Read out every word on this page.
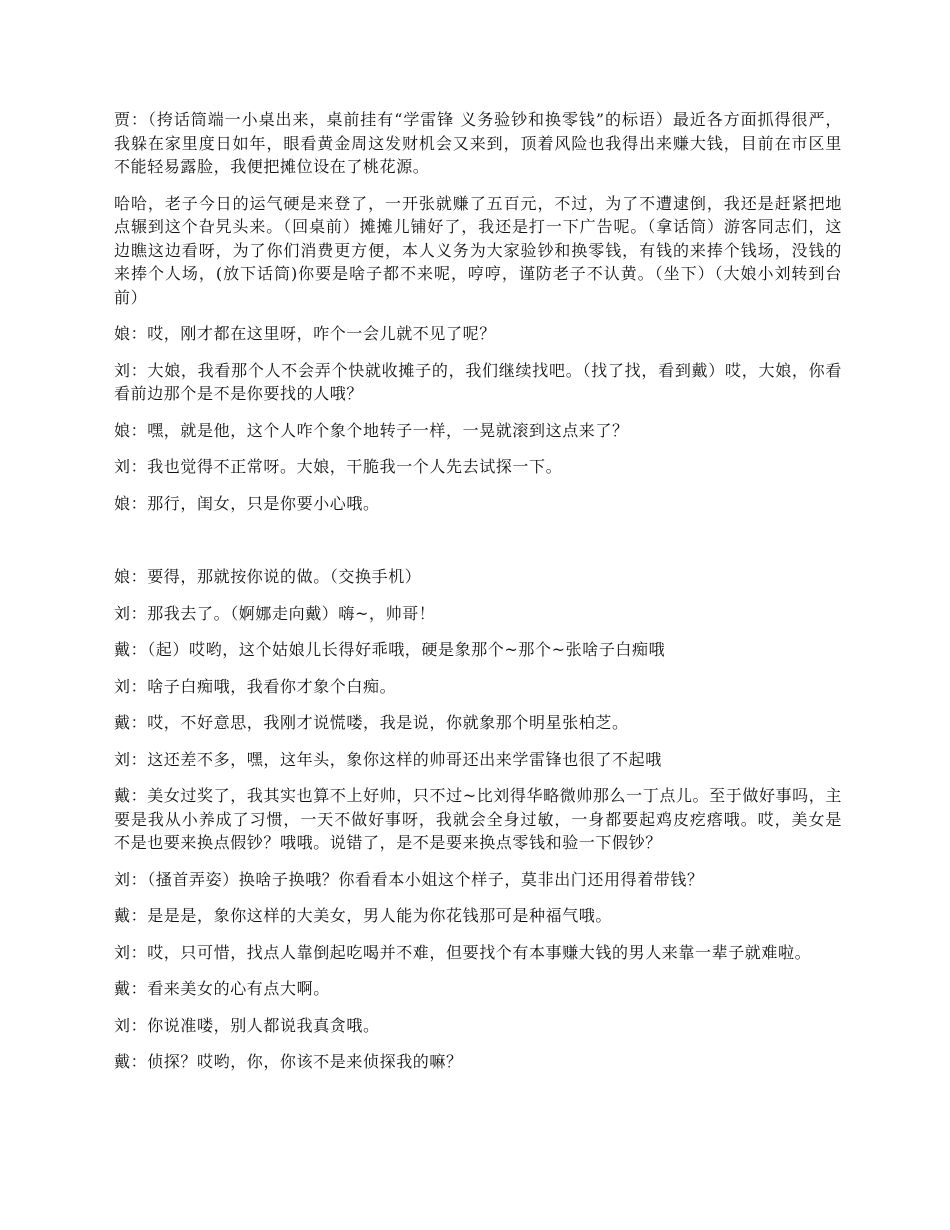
贾：（挎话筒端一小桌出来，桌前挂有“学雷锋 义务验钞和换零钱”的标语）最近各方面抓得很严，我躲在家里度日如年，眼看黄金周这发财机会又来到，顶着风险也我得出来赚大钱，目前在市区里不能轻易露脸，我便把摊位设在了桃花源。

哈哈，老子今日的运气硬是来登了，一开张就赚了五百元，不过，为了不遭逮倒，我还是赶紧把地点辗到这个旮旯头来。（回桌前）摊摊儿铺好了，我还是打一下广告呢。（拿话筒）游客同志们，这边瞧这边看呀，为了你们消费更方便，本人义务为大家验钞和换零钱，有钱的来捧个钱场，没钱的来捧个人场，(放下话筒)你要是啥子都不来呢，哼哼，谨防老子不认黄。（坐下）（大娘小刘转到台前）

娘：哎，刚才都在这里呀，咋个一会儿就不见了呢？

刘：大娘，我看那个人不会弄个快就收摊子的，我们继续找吧。（找了找，看到戴）哎，大娘，你看看前边那个是不是你要找的人哦？

娘：嘿，就是他，这个人咋个象个地转子一样，一晃就滚到这点来了？

刘：我也觉得不正常呀。大娘，干脆我一个人先去试探一下。

娘：那行，闺女，只是你要小心哦。

娘：要得，那就按你说的做。（交换手机）

刘：那我去了。（婀娜走向戴）嗨~，帅哥！

戴：（起）哎哟，这个姑娘儿长得好乖哦，硬是象那个~那个~张啥子白痴哦

刘：啥子白痴哦，我看你才象个白痴。

戴：哎，不好意思，我刚才说慌喽，我是说，你就象那个明星张柏芝。

刘：这还差不多，嘿，这年头，象你这样的帅哥还出来学雷锋也很了不起哦

戴：美女过奖了，我其实也算不上好帅，只不过~比刘得华略微帅那么一丁点儿。至于做好事吗，主要是我从小养成了习惯，一天不做好事呀，我就会全身过敏，一身都要起鸡皮疙瘩哦。哎，美女是不是也要来换点假钞？哦哦。说错了，是不是要来换点零钱和验一下假钞？

刘：（搔首弄姿）换啥子换哦？你看看本小姐这个样子，莫非出门还用得着带钱？

戴：是是是，象你这样的大美女，男人能为你花钱那可是种福气哦。

刘：哎，只可惜，找点人靠倒起吃喝并不难，但要找个有本事赚大钱的男人来靠一辈子就难啦。

戴：看来美女的心有点大啊。

刘：你说准喽，别人都说我真贪哦。

戴：侦探？哎哟，你，你该不是来侦探我的嘛？
